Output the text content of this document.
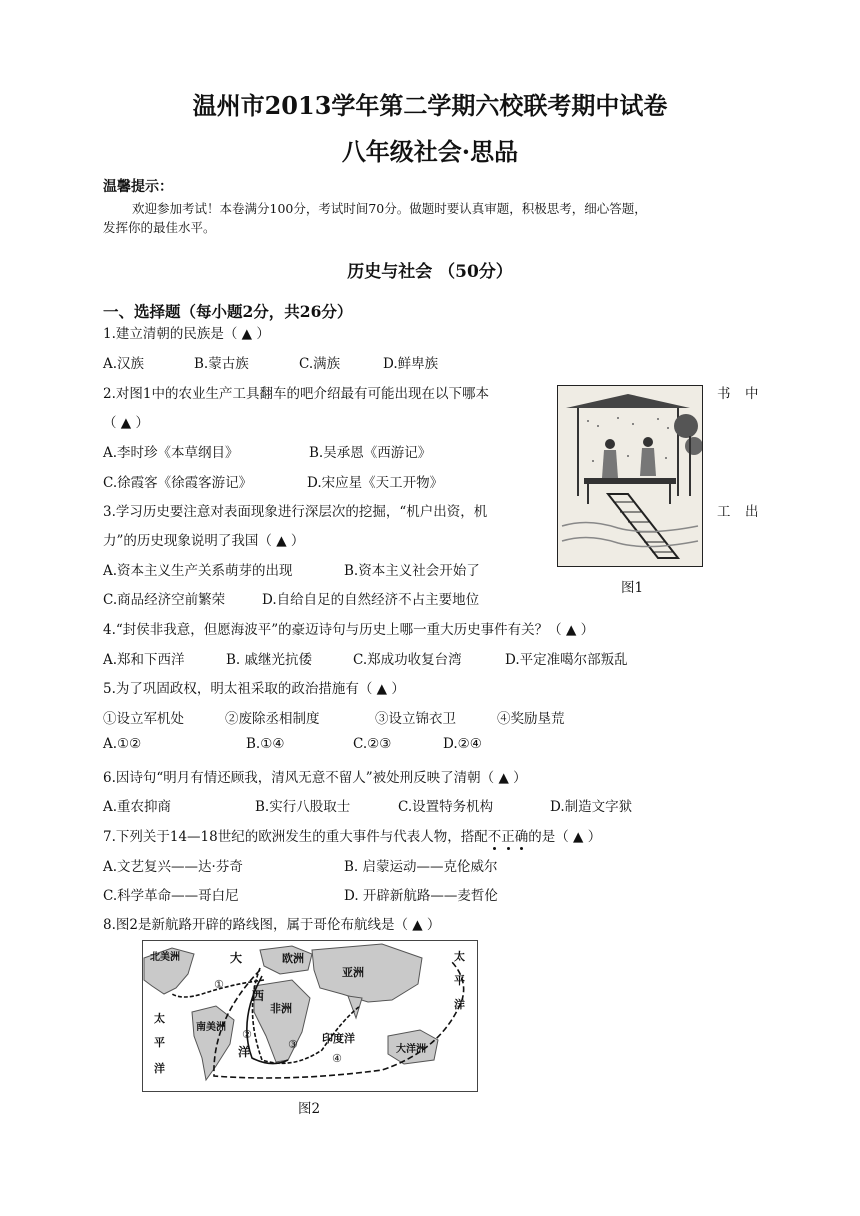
温州市2013学年第二学期六校联考期中试卷
八年级社会·思品
温馨提示：
欢迎参加考试！本卷满分100分，考试时间70分。做题时要认真审题，积极思考，细心答题，
发挥你的最佳水平。
历史与社会 （50分）
一、选择题（每小题2分，共26分）
1.建立清朝的民族是（ ▲ ）
A.汉族	B.蒙古族	C.满族	D.鲜卑族
2.对图1中的农业生产工具翻车的吧介绍最有可能出现在以下哪本	书 中
（ ▲ ）
A.李时珍《本草纲目》	B.吴承恩《西游记》
C.徐霞客《徐霞客游记》	D.宋应星《天工开物》
图1
3.学习历史要注意对表面现象进行深层次的挖掘，“机户出资，机	工 出
力”的历史现象说明了我国（ ▲ ）
A.资本主义生产关系萌芽的出现	B.资本主义社会开始了
C.商品经济空前繁荣	D.自给自足的自然经济不占主要地位
4.“封侯非我意，但愿海波平”的豪迈诗句与历史上哪一重大历史事件有关？（ ▲ ）
A.郑和下西洋	B. 戚继光抗倭	C.郑成功收复台湾	D.平定准噶尔部叛乱
5.为了巩固政权，明太祖采取的政治措施有（ ▲ ）
①设立军机处	②废除丞相制度	③设立锦衣卫	④奖励垦荒
A.①②	B.①④	C.②③	D.②④
6.因诗句“明月有情还顾我，清风无意不留人”被处刑反映了清朝（ ▲ ）
A.重农抑商	B.实行八股取士	C.设置特务机构	D.制造文字狱
7.下列关于14—18世纪的欧洲发生的重大事件与代表人物，搭配不
正
确
的是（ ▲ ）
A.文艺复兴——达·芬奇	B. 启蒙运动——克伦威尔
C.科学革命——哥白尼	D. 开辟新航路——麦哲伦
8.图2是新航路开辟的路线图，属于哥伦布航线是（ ▲ ）
北美洲	大
西
欧洲
亚洲
非洲
南美洲
洋
印度洋
大洋洲
太
平
洋
太
平
洋
①
②
③
④
图2
